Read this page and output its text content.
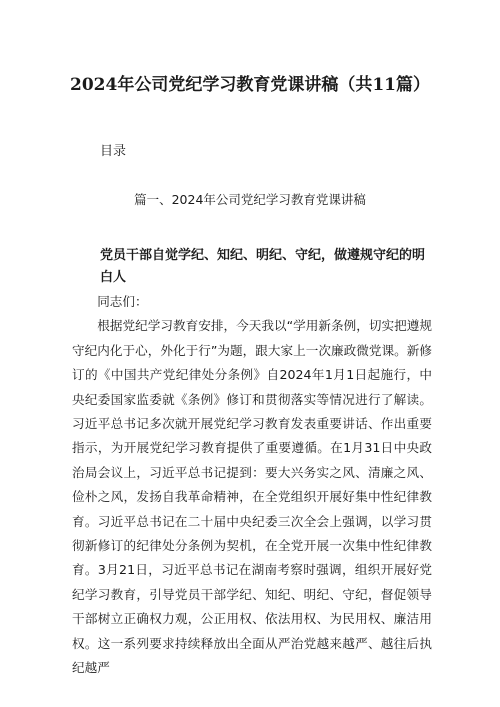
2024年公司党纪学习教育党课讲稿（共11篇）
目录
篇一、2024年公司党纪学习教育党课讲稿
党员干部自觉学纪、知纪、明纪、守纪，做遵规守纪的明白人

同志们：

根据党纪学习教育安排，今天我以“学用新条例，切实把遵规守纪内化于心，外化于行”为题，跟大家上一次廉政微党课。新修订的《中国共产党纪律处分条例》自2024年1月1日起施行，中央纪委国家监委就《条例》修订和贯彻落实等情况进行了解读。习近平总书记多次就开展党纪学习教育发表重要讲话、作出重要指示，为开展党纪学习教育提供了重要遵循。在1月31日中央政治局会议上，习近平总书记提到：要大兴务实之风、清廉之风、俭朴之风，发扬自我革命精神，在全党组织开展好集中性纪律教育。习近平总书记在二十届中央纪委三次全会上强调，以学习贯彻新修订的纪律处分条例为契机，在全党开展一次集中性纪律教育。3月21日，习近平总书记在湖南考察时强调，组织开展好党纪学习教育，引导党员干部学纪、知纪、明纪、守纪，督促领导干部树立正确权力观，公正用权、依法用权、为民用权、廉洁用权。这一系列要求持续释放出全面从严治党越来越严、越往后执纪越严
